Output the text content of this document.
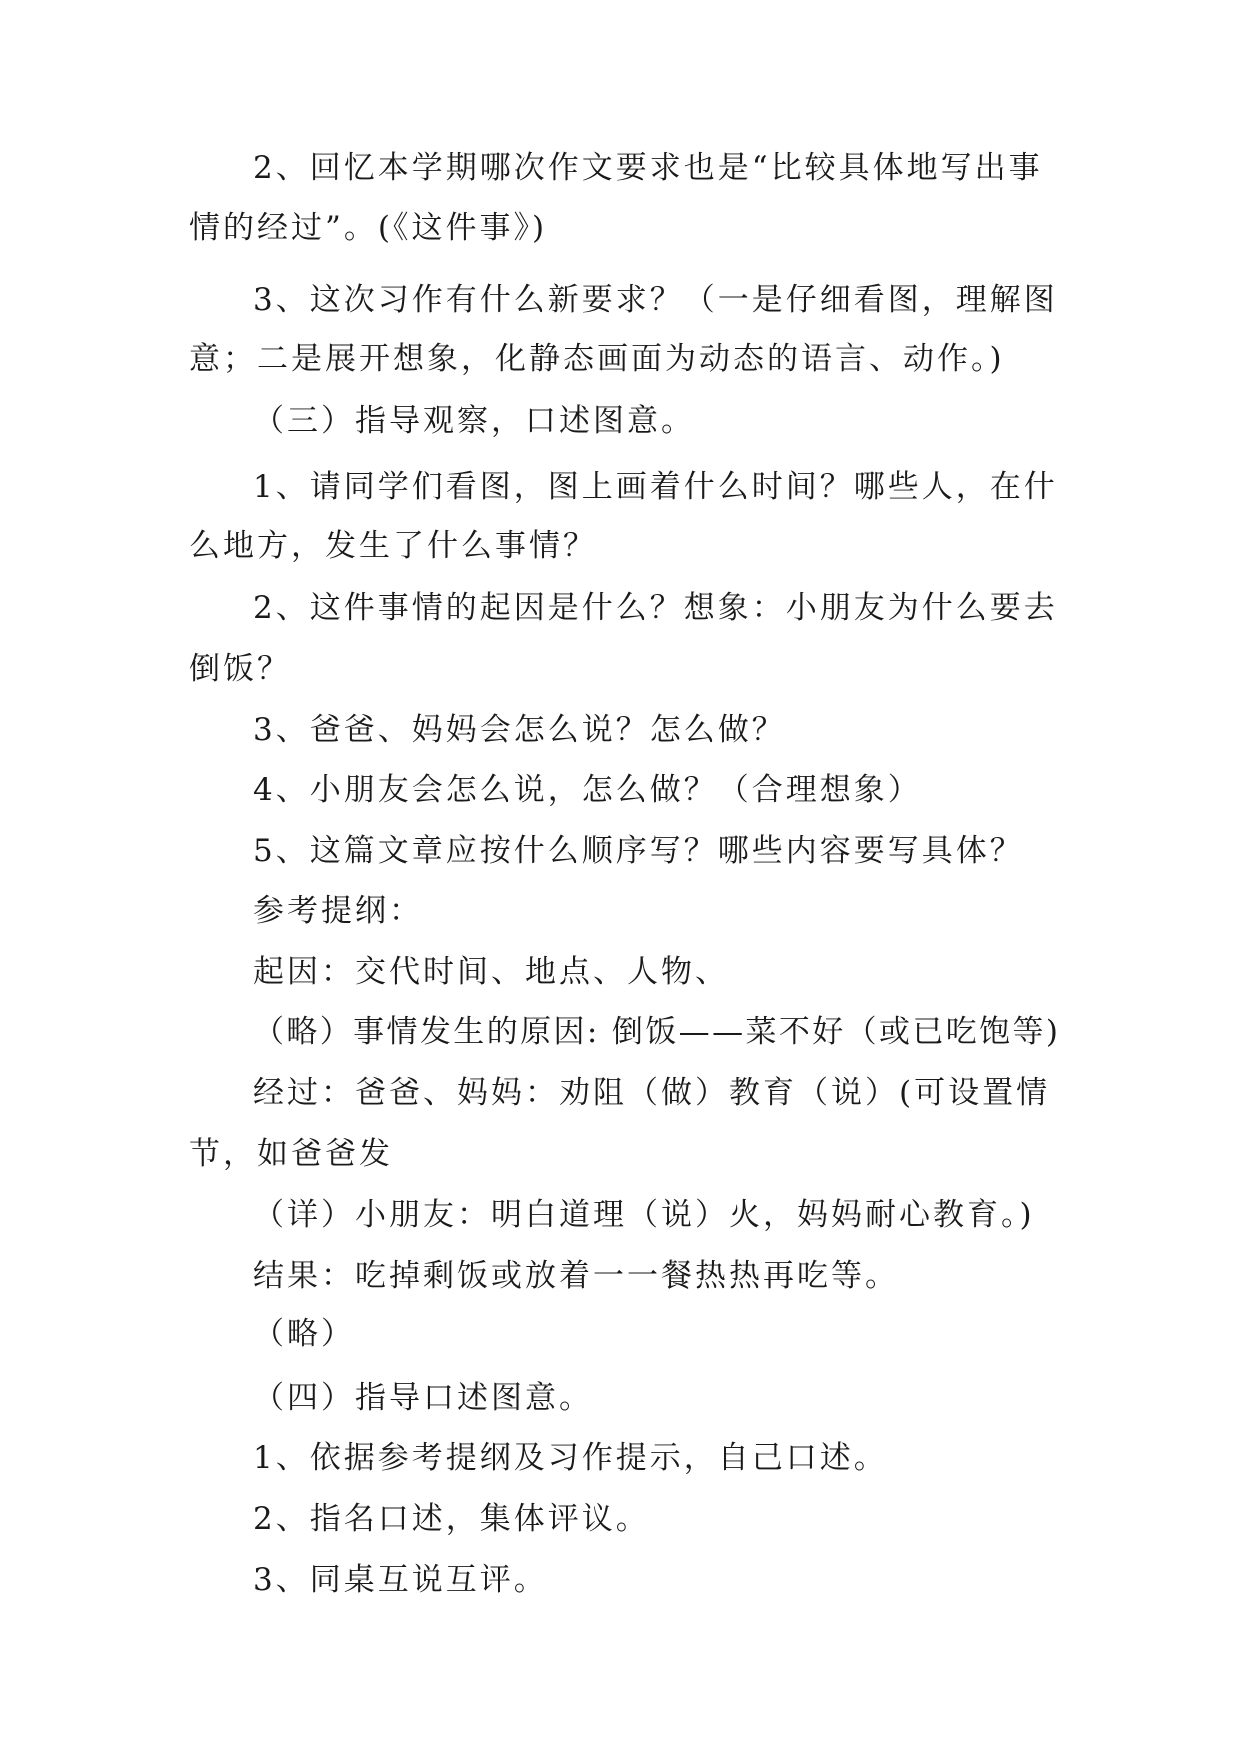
2、回忆本学期哪次作文要求也是“比较具体地写出事
情的经过”。(《这件事》)
3、这次习作有什么新要求？（一是仔细看图，理解图
意；二是展开想象，化静态画面为动态的语言、动作。)
（三）指导观察，口述图意。
1、请同学们看图，图上画着什么时间？哪些人，在什
么地方，发生了什么事情？
2、这件事情的起因是什么？想象：小朋友为什么要去
倒饭？
3、爸爸、妈妈会怎么说？怎么做？
4、小朋友会怎么说，怎么做？（合理想象）
5、这篇文章应按什么顺序写？哪些内容要写具体？
参考提纲：
起因：交代时间、地点、人物、
（略）事情发生的原因: 倒饭——菜不好（或已吃饱等)
经过：爸爸、妈妈：劝阻（做）教育（说）(可设置情
节，如爸爸发
（详）小朋友：明白道理（说）火，妈妈耐心教育。)
结果：吃掉剩饭或放着一一餐热热再吃等。
（略）
（四）指导口述图意。
1、依据参考提纲及习作提示，自己口述。
2、指名口述，集体评议。
3、同桌互说互评。
